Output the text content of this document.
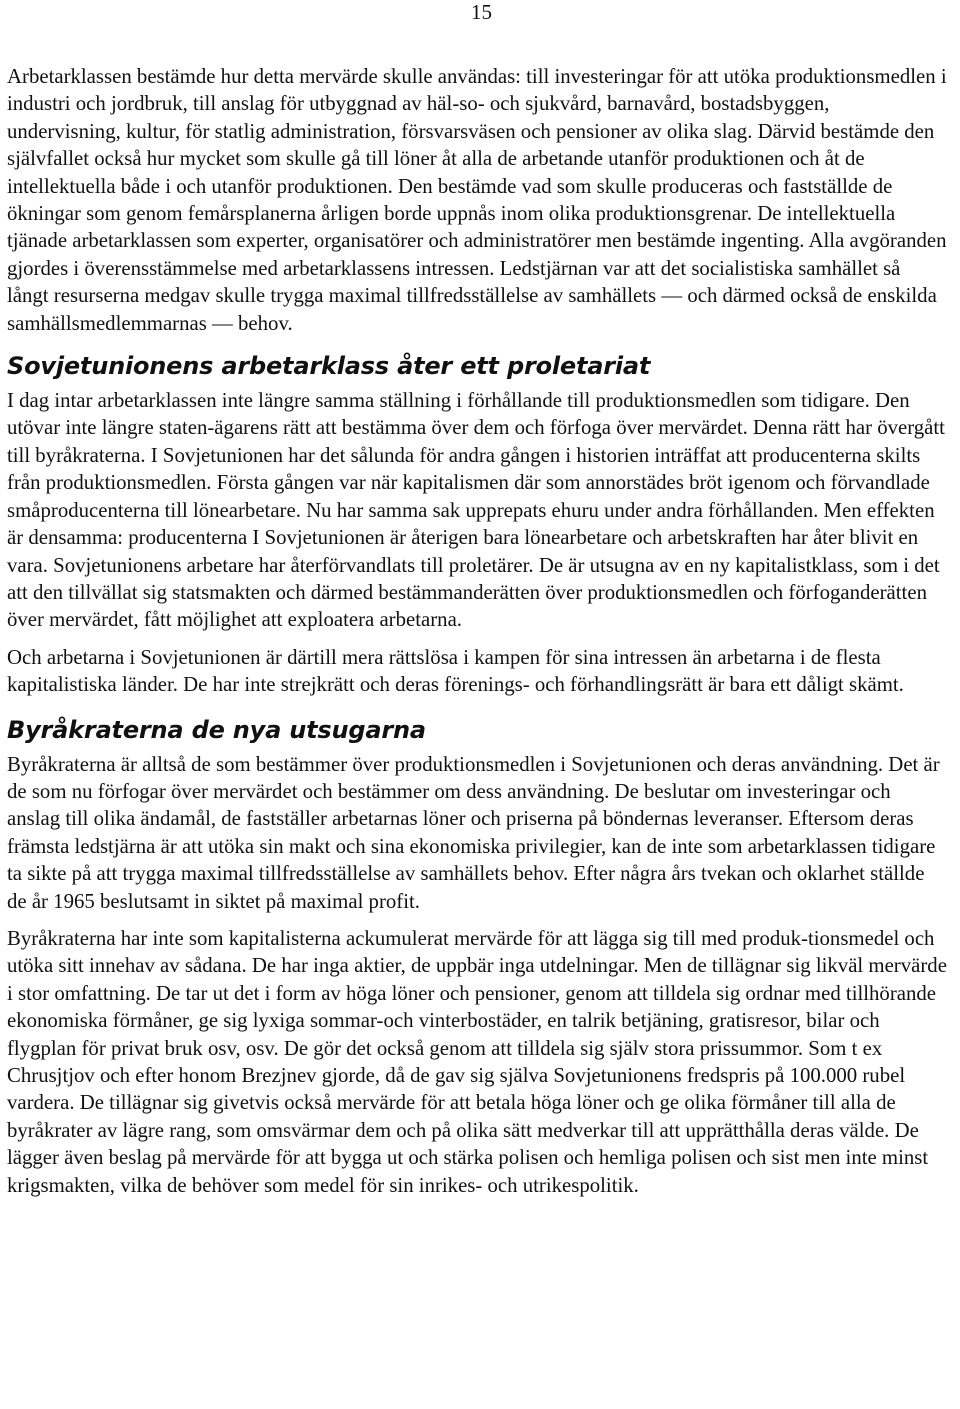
15

Arbetarklassen bestämde hur detta mervärde skulle användas: till investeringar för att utöka produktionsmedlen i industri och jordbruk, till anslag för utbyggnad av häl-so- och sjukvård, barnavård, bostadsbyggen, undervisning, kultur, för statlig administration, försvarsväsen och pensioner av olika slag. Därvid bestämde den självfallet också hur mycket som skulle gå till löner åt alla de arbetande utanför produktionen och åt de intellektuella både i och utanför produktionen. Den bestämde vad som skulle produceras och fastställde de ökningar som genom femårsplanerna årligen borde uppnås inom olika produktionsgrenar. De intellektuella tjänade arbetarklassen som experter, organisatörer och administratörer men bestämde ingenting. Alla avgöranden gjordes i överensstämmelse med arbetarklassens intressen. Ledstjärnan var att det socialistiska samhället så långt resurserna medgav skulle trygga maximal tillfredsställelse av samhällets — och därmed också de enskilda samhällsmedlemmarnas — behov.

Sovjetunionens arbetarklass åter ett proletariat

I dag intar arbetarklassen inte längre samma ställning i förhållande till produktionsmedlen som tidigare. Den utövar inte längre staten-ägarens rätt att bestämma över dem och förfoga över mervärdet. Denna rätt har övergått till byråkraterna. I Sovjetunionen har det sålunda för andra gången i historien inträffat att producenterna skilts från produktionsmedlen. Första gången var när kapitalismen där som annorstädes bröt igenom och förvandlade småproducenterna till lönearbetare. Nu har samma sak upprepats ehuru under andra förhållanden. Men effekten är densamma: producenterna I Sovjetunionen är återigen bara lönearbetare och arbetskraften har åter blivit en vara. Sovjetunionens arbetare har återförvandlats till proletärer. De är utsugna av en ny kapitalistklass, som i det att den tillvällat sig statsmakten och därmed bestämmanderätten över produktionsmedlen och förfoganderätten över mervärdet, fått möjlighet att exploatera arbetarna.

Och arbetarna i Sovjetunionen är därtill mera rättslösa i kampen för sina intressen än arbetarna i de flesta kapitalistiska länder. De har inte strejkrätt och deras förenings- och förhandlingsrätt är bara ett dåligt skämt.

Byråkraterna de nya utsugarna

Byråkraterna är alltså de som bestämmer över produktionsmedlen i Sovjetunionen och deras användning. Det är de som nu förfogar över mervärdet och bestämmer om dess användning. De beslutar om investeringar och anslag till olika ändamål, de fastställer arbetarnas löner och priserna på böndernas leveranser. Eftersom deras främsta ledstjärna är att utöka sin makt och sina ekonomiska privilegier, kan de inte som arbetarklassen tidigare ta sikte på att trygga maximal tillfredsställelse av samhällets behov. Efter några års tvekan och oklarhet ställde de år 1965 beslutsamt in siktet på maximal profit.

Byråkraterna har inte som kapitalisterna ackumulerat mervärde för att lägga sig till med produk-tionsmedel och utöka sitt innehav av sådana. De har inga aktier, de uppbär inga utdelningar. Men de tillägnar sig likväl mervärde i stor omfattning. De tar ut det i form av höga löner och pensioner, genom att tilldela sig ordnar med tillhörande ekonomiska förmåner, ge sig lyxiga sommar-och vinterbostäder, en talrik betjäning, gratisresor, bilar och flygplan för privat bruk osv, osv. De gör det också genom att tilldela sig själv stora prissummor. Som t ex Chrusjtjov och efter honom Brezjnev gjorde, då de gav sig själva Sovjetunionens fredspris på 100.000 rubel vardera. De tillägnar sig givetvis också mervärde för att betala höga löner och ge olika förmåner till alla de byråkrater av lägre rang, som omsvärmar dem och på olika sätt medverkar till att upprätthålla deras välde. De lägger även beslag på mervärde för att bygga ut och stärka polisen och hemliga polisen och sist men inte minst krigsmakten, vilka de behöver som medel för sin inrikes- och utrikespolitik.
